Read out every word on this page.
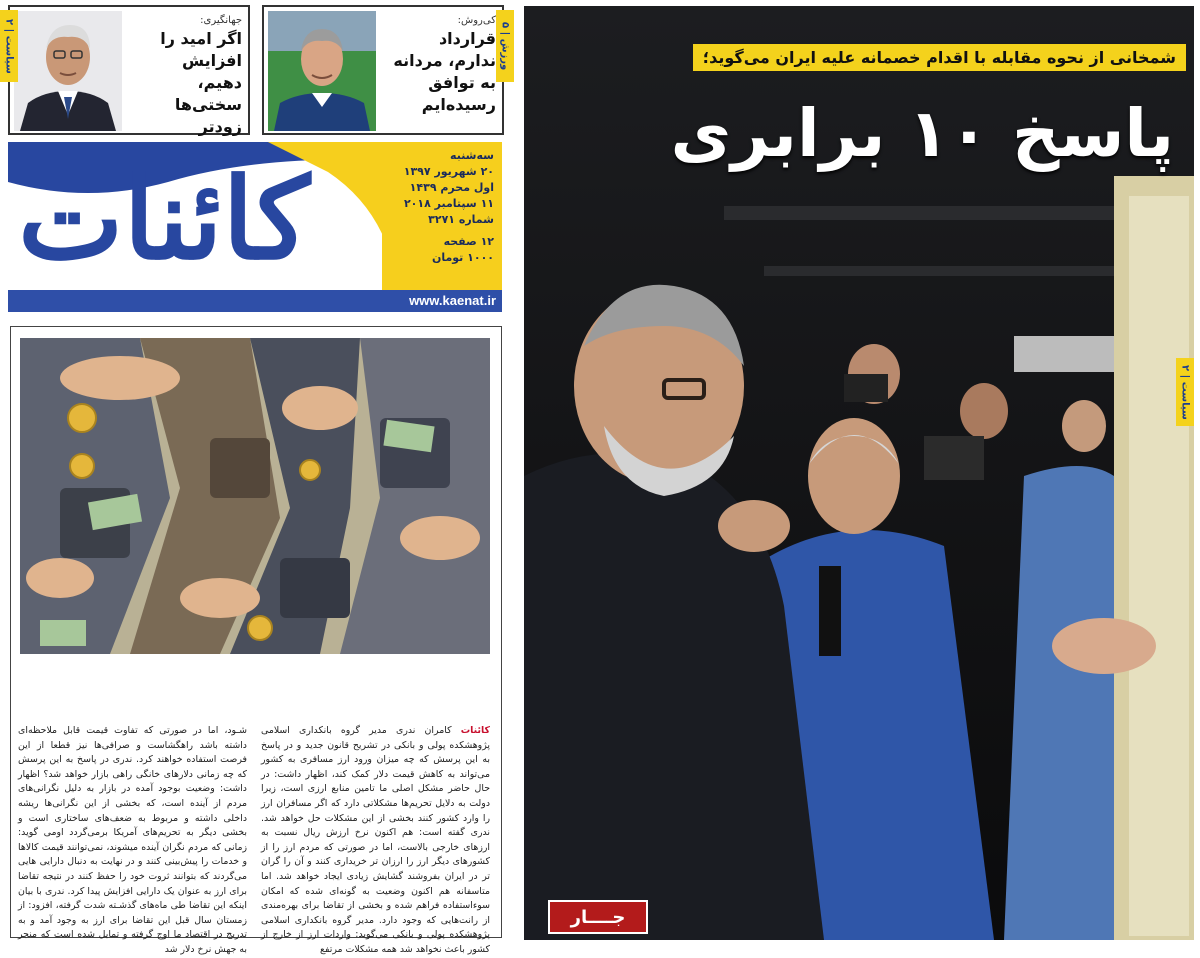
جهانگیری:
اگر امید را
افزایش دهیم،
سختی‌ها زودتر
سیاست | ۲
کی‌روش:
قرارداد
ندارم، مردانه
به توافق
رسیده‌ایم
ورزش | ۵
کائنات	سه‌شنبه
۲۰ شهریور ۱۳۹۷
اول محرم ۱۴۳۹
۱۱ سپتامبر ۲۰۱۸
شماره ۳۲۷۱
۱۲ صفحه
۱۰۰۰ تومان
www.kaenat.ir
کائنات کامران ندری مدیر گروه بانکداری اسلامی پژوهشکده پولی و بانکی در تشریح قانون جدید و در پاسخ به این پرسش که چه میزان ورود ارز مسافری به کشور می‌تواند به کاهش قیمت دلار کمک کند، اظهار داشت: در حال حاضر مشکل اصلی ما تامین منابع ارزی است، زیرا دولت به دلایل تحریم‌ها مشکلاتی دارد که اگر مسافران ارز را وارد کشور کنند بخشی از این مشکلات حل خواهد شد. ندری گفته است: هم اکنون نرخ ارزش ریال نسبت به ارزهای خارجی بالاست، اما در صورتی که مردم ارز را از کشورهای دیگر ارز را ارزان تر خریداری کنند و آن را گران تر در ایران بفروشند گشایش زیادی ایجاد خواهد شد. اما متاسفانه هم اکنون وضعیت به گونه‌ای شده که امکان سوءاستفاده فراهم شده و بخشی از تقاضا برای بهره‌مندی از رانت‌هایی که وجود دارد. مدیر گروه بانکداری اسلامی پژوهشکده پولی و بانکی می‌گوید: واردات ارز از خارج از کشور باعث نخواهد شد همه مشکلات مرتفع
شـود، اما در صورتی که تفاوت قیمت قابل ملاحظه‌ای داشته باشد راهگشاست و صرافی‌ها نیز قطعا از این فرصت استفاده خواهند کرد. ندری در پاسخ به این پرسش که چه زمانی دلارهای خانگی راهی بازار خواهد شد؟ اظهار داشت: وضعیت بوجود آمده در بازار به دلیل نگرانی‌های مردم از آینده است، که بخشی از این نگرانی‌ها ریشه داخلی داشته و مربوط به ضعف‌های ساختاری است و بخشی دیگر به تحریم‌های آمریکا برمی‌گردد اومی گوید: زمانی که مردم نگران آینده میشوند، نمی‌توانند قیمت کالاها و خدمات را پیش‌بینی کنند و در نهایت به دنبال دارایی هایی می‌گردند که بتوانند ثروت خود را حفظ کنند در نتیجه تقاضا برای ارز به عنوان یک دارایی افزایش پیدا کرد. ندری با بیان اینکه این تقاضا طی ماه‌های گذشـته شدت گرفته، افزود: از زمستان سال قبل این تقاضا برای ارز به وجود آمد و به تدریج در اقتصاد ما اوج گرفته و تمایل شده است که منجر به جهش نرخ دلار شد
شمخانی از نحوه مقابله با اقدام خصمانه علیه ایران می‌گوید؛
پاسخ ۱۰ برابری
سیاست | ۲
جــــار
